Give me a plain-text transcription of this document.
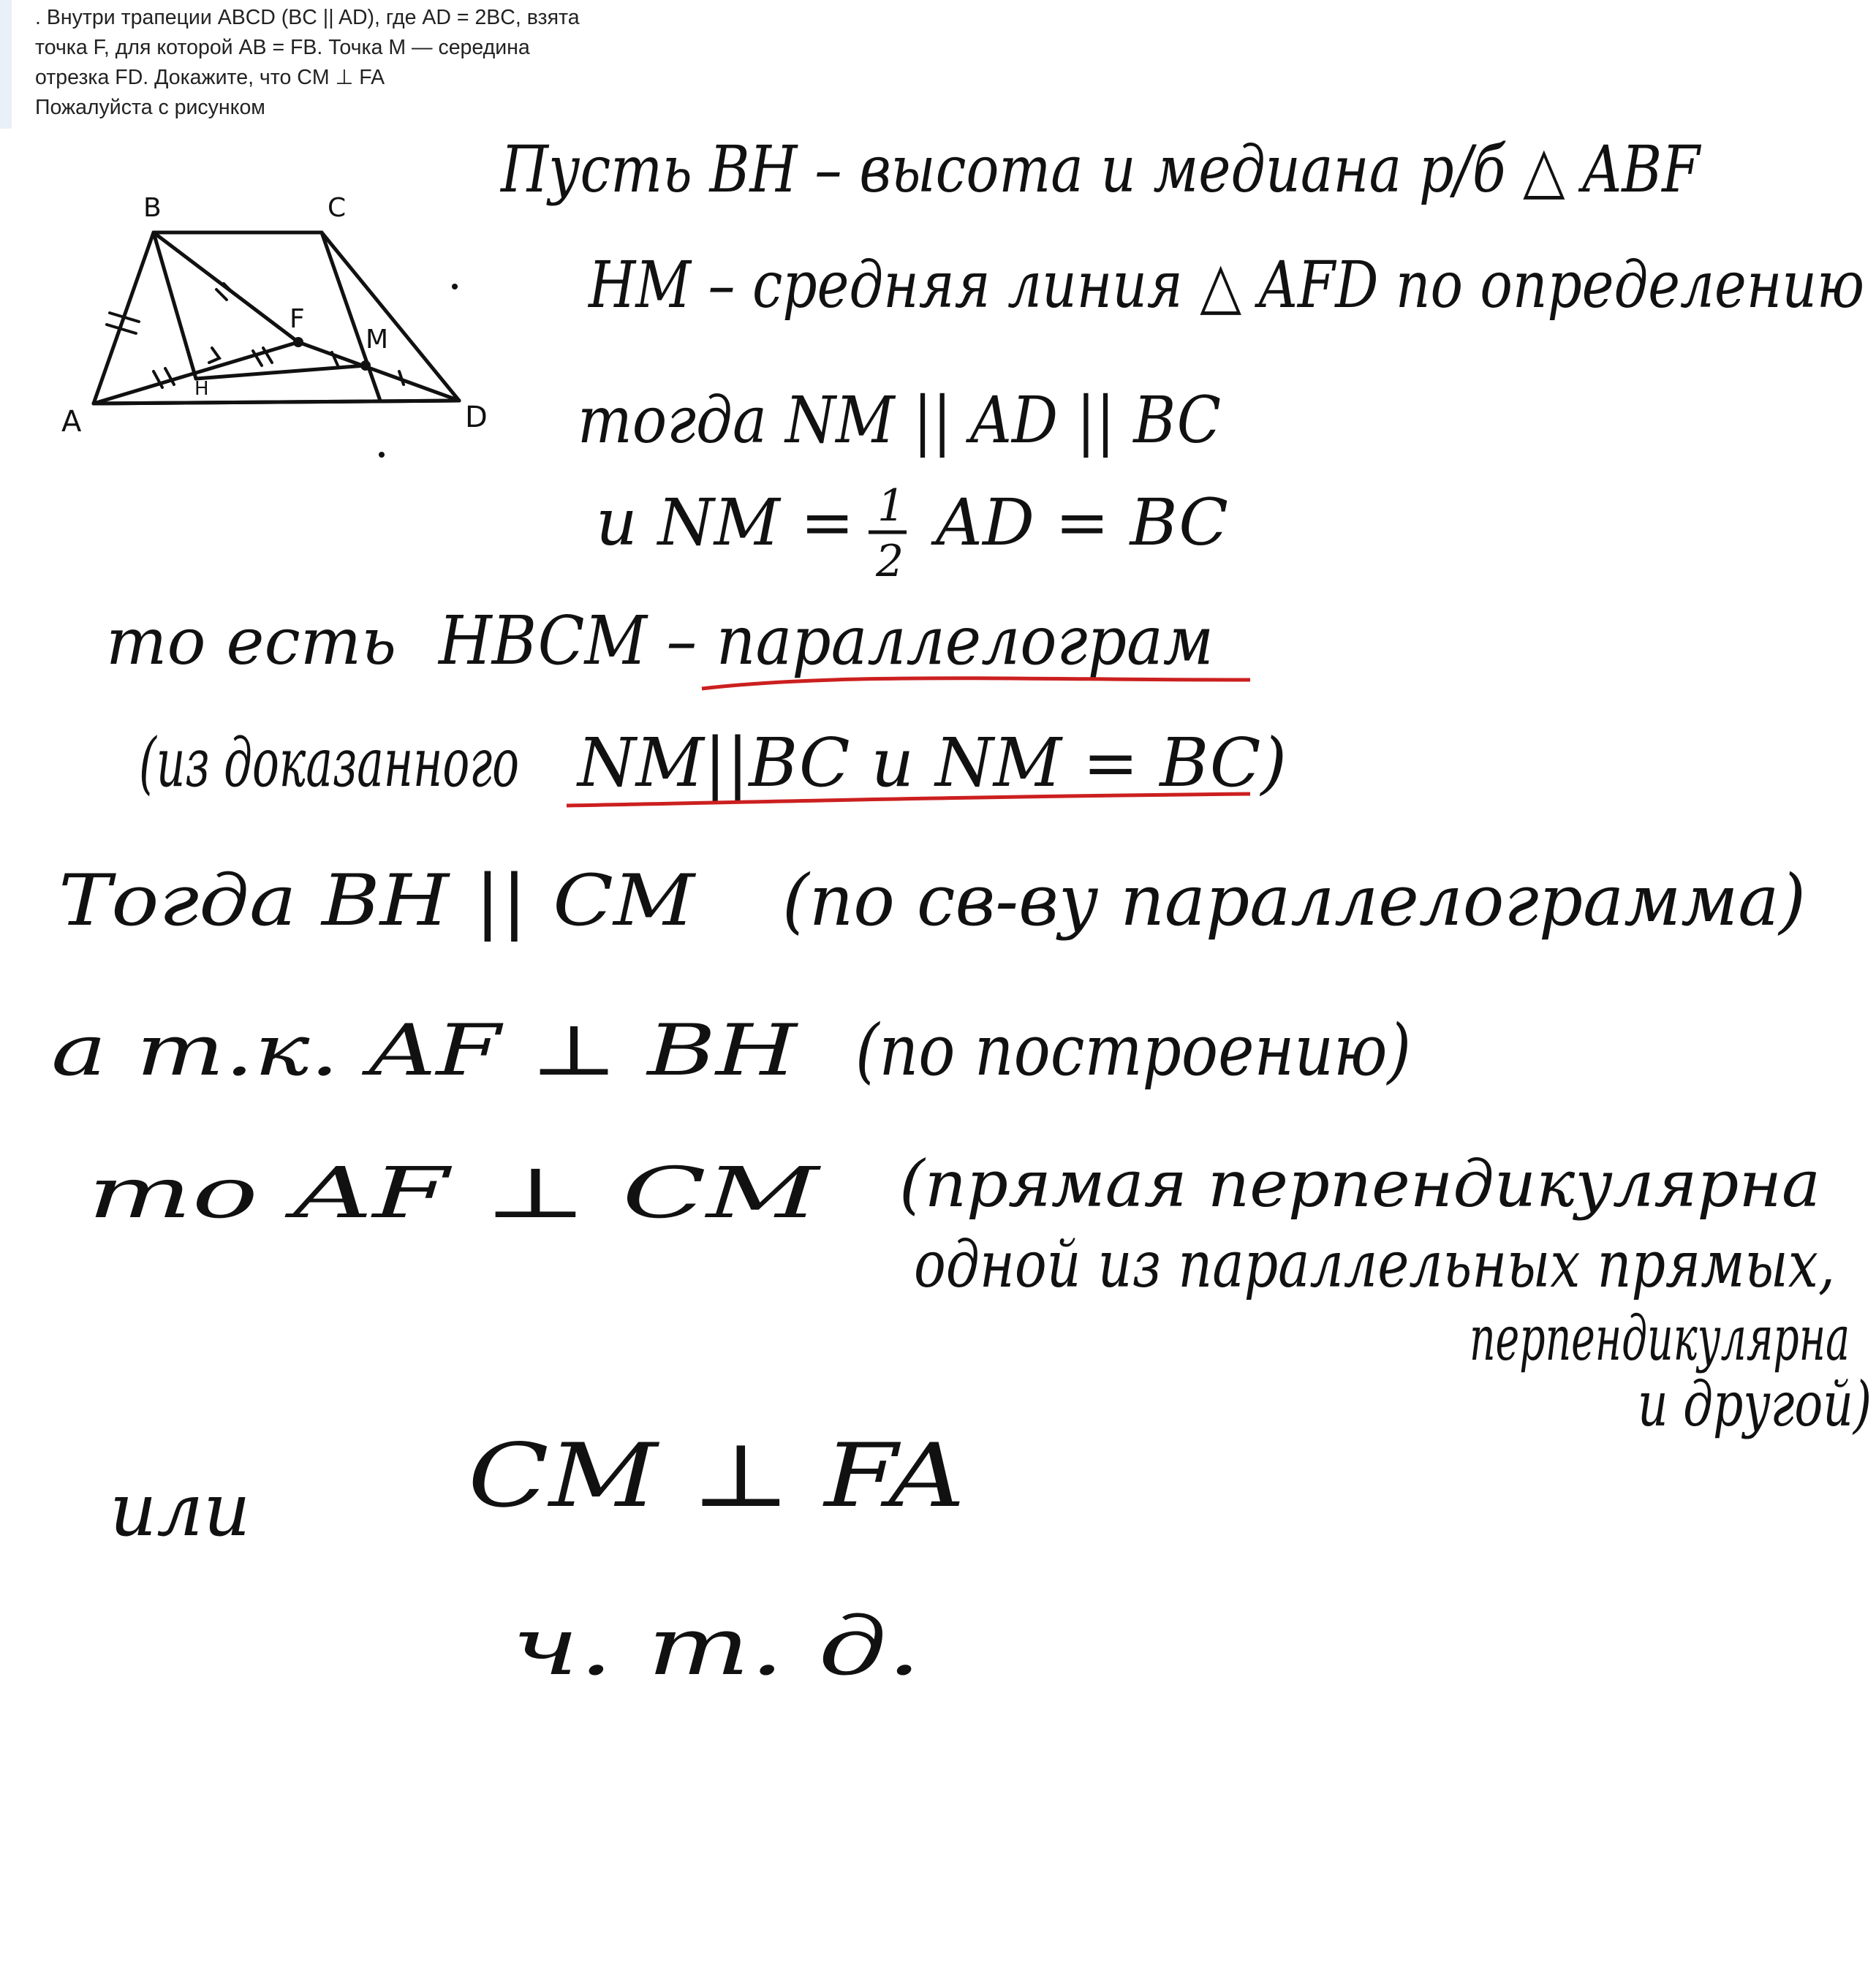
. Внутри трапеции ABCD (BC || AD), где AD = 2BC, взята
точка F, для которой AB = FB. Точка M — середина
отрезка FD. Докажите, что CM ⊥ FA
Пожалуйста с рисунком
B	C
A	D
F
M
H
Пусть BH – высота и медиана р/б △ ABF
HM – средняя линия △ AFD по определению
тогда NM || AD || BC
и NM = 1
2
AD = BC
то есть HBCM – параллелограм
(из доказанного NM||BC и NM = BC)
Тогда BH || CM (по св-ву параллелограмма)
а т.к. AF ⊥ BH (по построению)
то AF ⊥ CM (прямая перпендикулярна
одной из параллельных прямых,
перпендикулярна
и другой)
или CM ⊥ FA
ч. т. д.
